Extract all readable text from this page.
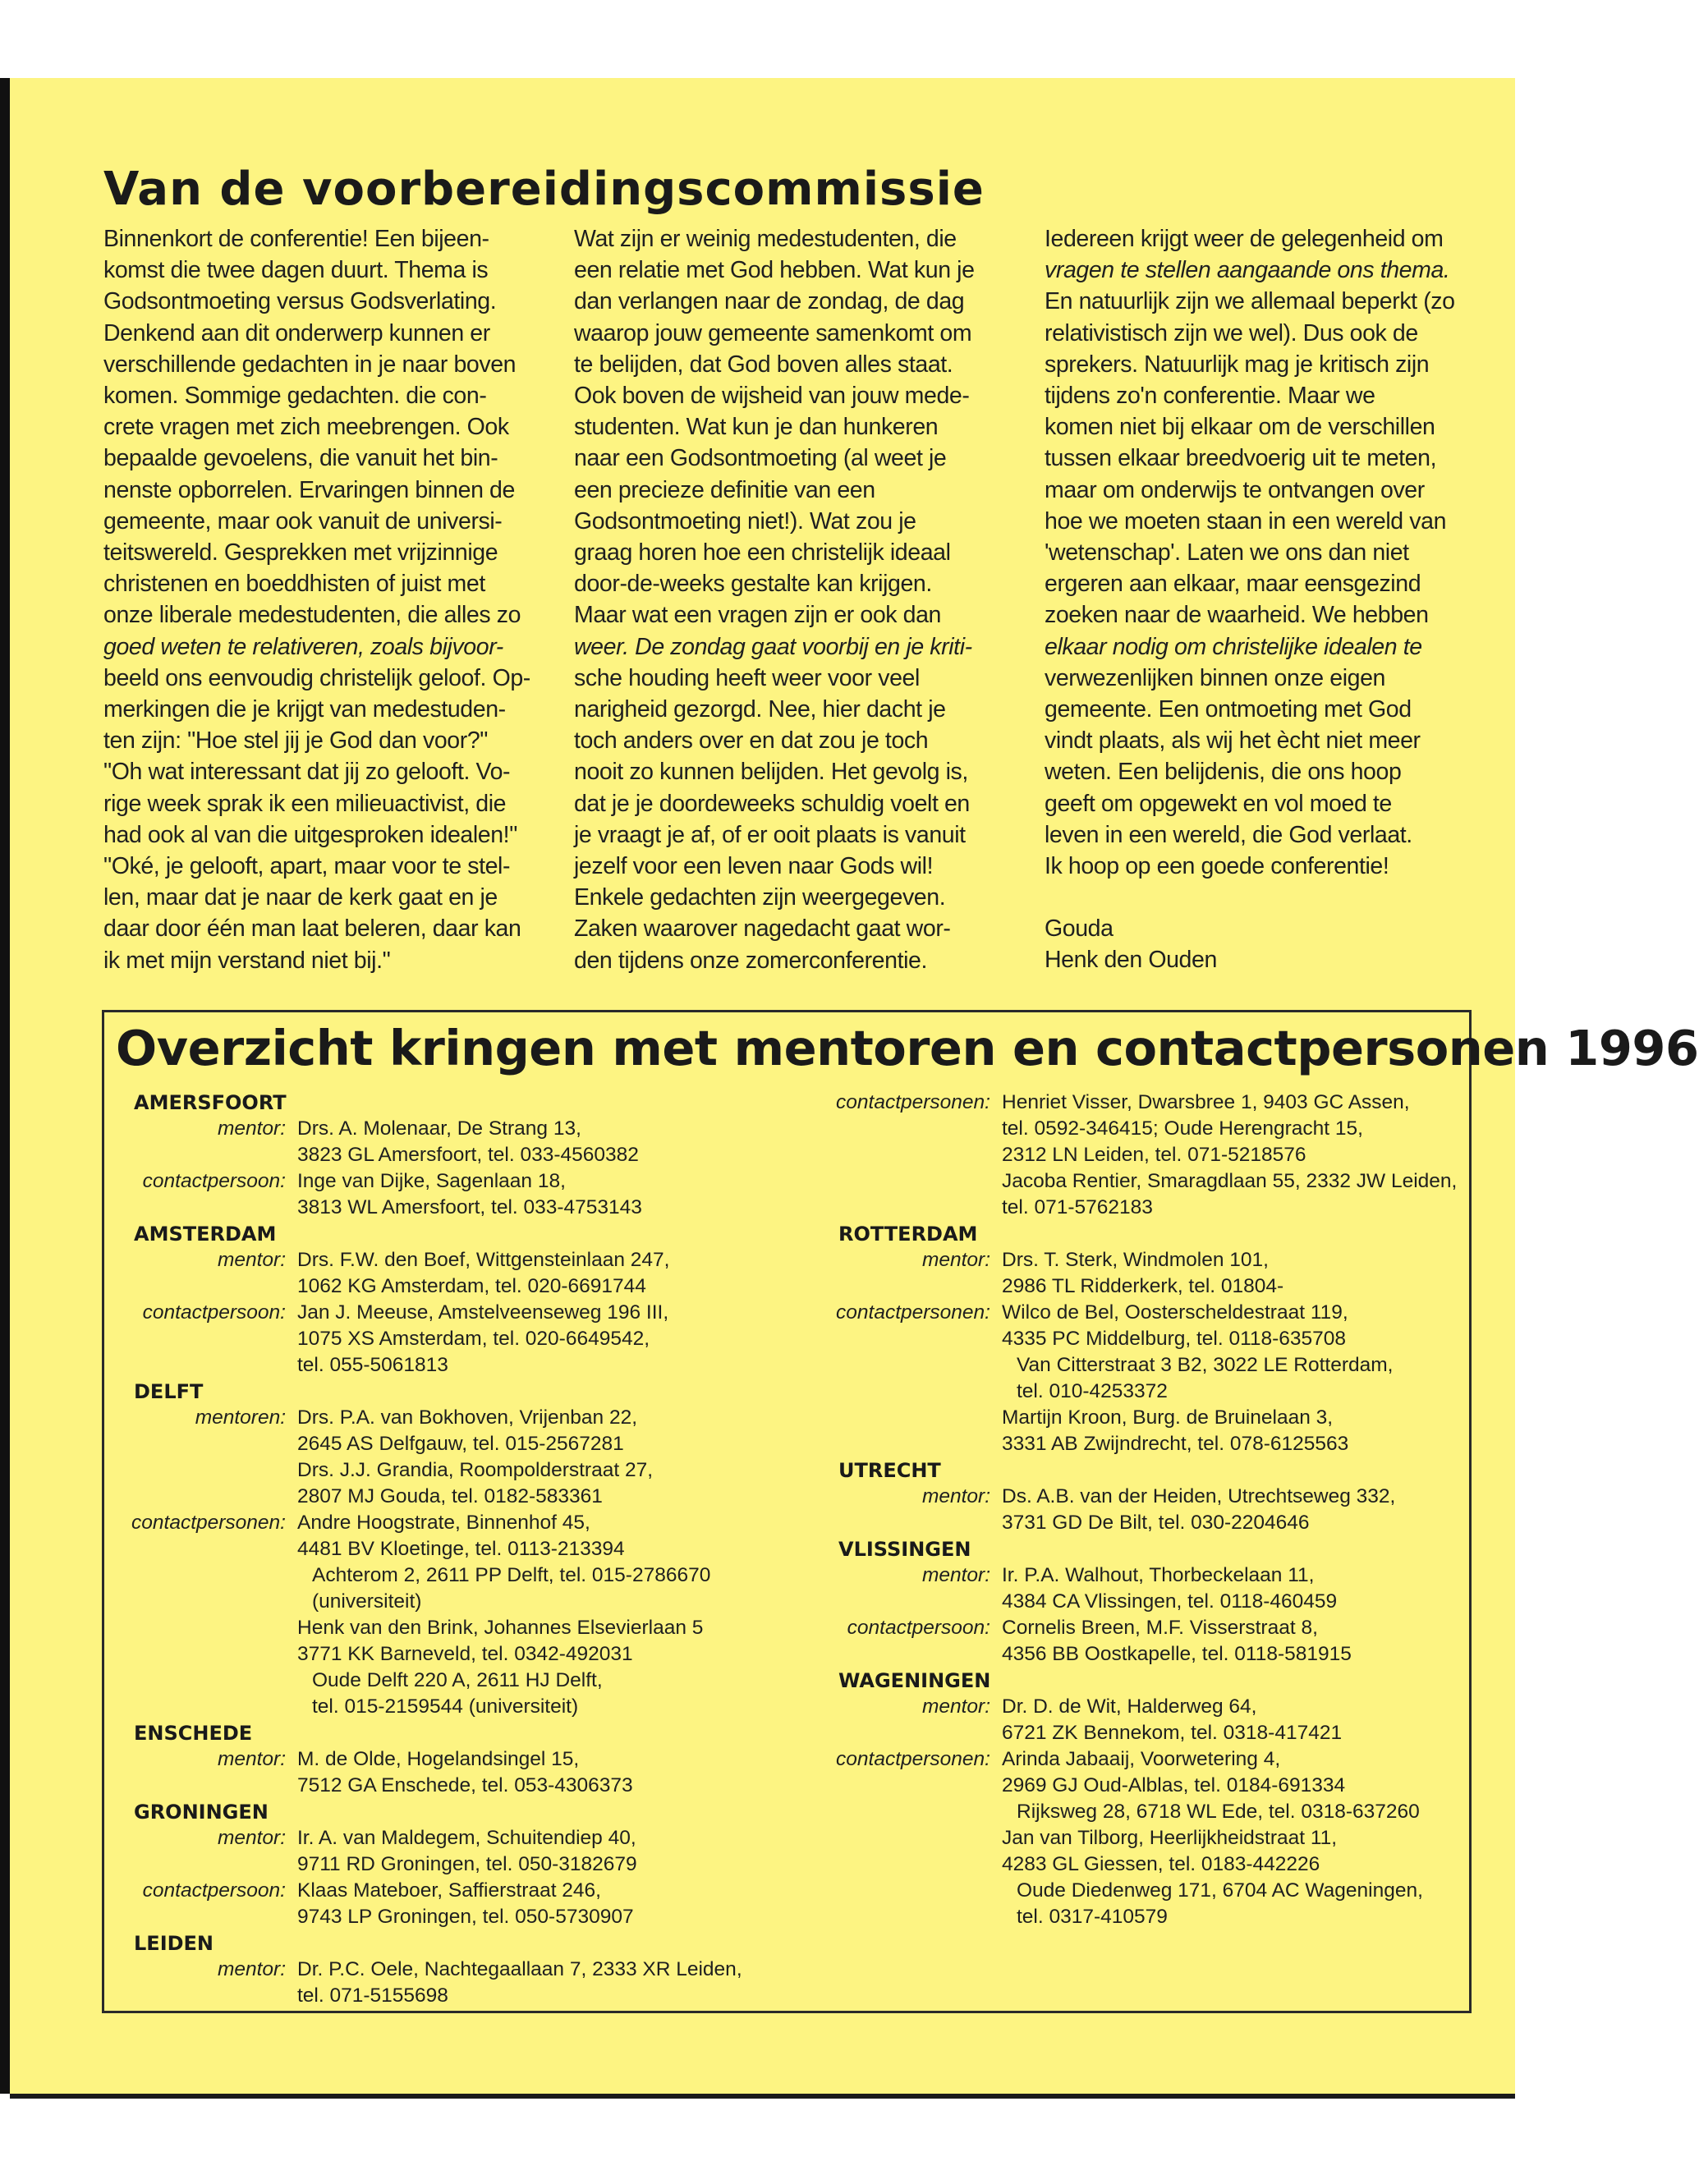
Van de voorbereidingscommissie

Binnenkort de conferentie! Een bijeen-

komst die twee dagen duurt. Thema is

Godsontmoeting versus Godsverlating.

Denkend aan dit onderwerp kunnen er

verschillende gedachten in je naar boven

komen. Sommige gedachten. die con-

crete vragen met zich meebrengen. Ook

bepaalde gevoelens, die vanuit het bin-

nenste opborrelen. Ervaringen binnen de

gemeente, maar ook vanuit de universi-

teitswereld. Gesprekken met vrijzinnige

christenen en boeddhisten of juist met

onze liberale medestudenten, die alles zo

goed weten te relativeren, zoals bijvoor-

beeld ons eenvoudig christelijk geloof. Op-

merkingen die je krijgt van medestuden-

ten zijn: "Hoe stel jij je God dan voor?"

"Oh wat interessant dat jij zo gelooft. Vo-

rige week sprak ik een milieuactivist, die

had ook al van die uitgesproken idealen!"

"Oké, je gelooft, apart, maar voor te stel-

len, maar dat je naar de kerk gaat en je

daar door één man laat beleren, daar kan

ik met mijn verstand niet bij."

Wat zijn er weinig medestudenten, die

een relatie met God hebben. Wat kun je

dan verlangen naar de zondag, de dag

waarop jouw gemeente samenkomt om

te belijden, dat God boven alles staat.

Ook boven de wijsheid van jouw mede-

studenten. Wat kun je dan hunkeren

naar een Godsontmoeting (al weet je

een precieze definitie van een

Godsontmoeting niet!). Wat zou je

graag horen hoe een christelijk ideaal

door-de-weeks gestalte kan krijgen.

Maar wat een vragen zijn er ook dan

weer. De zondag gaat voorbij en je kriti-

sche houding heeft weer voor veel

narigheid gezorgd. Nee, hier dacht je

toch anders over en dat zou je toch

nooit zo kunnen belijden. Het gevolg is,

dat je je doordeweeks schuldig voelt en

je vraagt je af, of er ooit plaats is vanuit

jezelf voor een leven naar Gods wil!

Enkele gedachten zijn weergegeven.

Zaken waarover nagedacht gaat wor-

den tijdens onze zomerconferentie.

Iedereen krijgt weer de gelegenheid om

vragen te stellen aangaande ons thema.

En natuurlijk zijn we allemaal beperkt (zo

relativistisch zijn we wel). Dus ook de

sprekers. Natuurlijk mag je kritisch zijn

tijdens zo'n conferentie. Maar we

komen niet bij elkaar om de verschillen

tussen elkaar breedvoerig uit te meten,

maar om onderwijs te ontvangen over

hoe we moeten staan in een wereld van

'wetenschap'. Laten we ons dan niet

ergeren aan elkaar, maar eensgezind

zoeken naar de waarheid. We hebben

elkaar nodig om christelijke idealen te

verwezenlijken binnen onze eigen

gemeente. Een ontmoeting met God

vindt plaats, als wij het ècht niet meer

weten. Een belijdenis, die ons hoop

geeft om opgewekt en vol moed te

leven in een wereld, die God verlaat.

Ik hoop op een goede conferentie!

Gouda

Henk den Ouden

Overzicht kringen met mentoren en contactpersonen 1996
AMERSFOORT
mentor: Drs. A. Molenaar, De Strang 13,
3823 GL Amersfoort, tel. 033-4560382
contactpersoon: Inge van Dijke, Sagenlaan 18,
3813 WL Amersfoort, tel. 033-4753143
AMSTERDAM
mentor: Drs. F.W. den Boef, Wittgensteinlaan 247,
1062 KG Amsterdam, tel. 020-6691744
contactpersoon: Jan J. Meeuse, Amstelveenseweg 196 III,
1075 XS Amsterdam, tel. 020-6649542,
tel. 055-5061813
DELFT
mentoren: Drs. P.A. van Bokhoven, Vrijenban 22,
2645 AS Delfgauw, tel. 015-2567281
Drs. J.J. Grandia, Roompolderstraat 27,
2807 MJ Gouda, tel. 0182-583361
contactpersonen: Andre Hoogstrate, Binnenhof 45,
4481 BV Kloetinge, tel. 0113-213394
Achterom 2, 2611 PP Delft, tel. 015-2786670
(universiteit)
Henk van den Brink, Johannes Elsevierlaan 5
3771 KK Barneveld, tel. 0342-492031
Oude Delft 220 A, 2611 HJ Delft,
tel. 015-2159544 (universiteit)
ENSCHEDE
mentor: M. de Olde, Hogelandsingel 15,
7512 GA Enschede, tel. 053-4306373
GRONINGEN
mentor: Ir. A. van Maldegem, Schuitendiep 40,
9711 RD Groningen, tel. 050-3182679
contactpersoon: Klaas Mateboer, Saffierstraat 246,
9743 LP Groningen, tel. 050-5730907
LEIDEN
mentor: Dr. P.C. Oele, Nachtegaallaan 7, 2333 XR Leiden,
tel. 071-5155698
contactpersonen: Henriet Visser, Dwarsbree 1, 9403 GC Assen,
tel. 0592-346415; Oude Herengracht 15,
2312 LN Leiden, tel. 071-5218576
Jacoba Rentier, Smaragdlaan 55, 2332 JW Leiden,
tel. 071-5762183
ROTTERDAM
mentor: Drs. T. Sterk, Windmolen 101,
2986 TL Ridderkerk, tel. 01804-
contactpersonen: Wilco de Bel, Oosterscheldestraat 119,
4335 PC Middelburg, tel. 0118-635708
Van Citterstraat 3 B2, 3022 LE Rotterdam,
tel. 010-4253372
Martijn Kroon, Burg. de Bruinelaan 3,
3331 AB Zwijndrecht, tel. 078-6125563
UTRECHT
mentor: Ds. A.B. van der Heiden, Utrechtseweg 332,
3731 GD De Bilt, tel. 030-2204646
VLISSINGEN
mentor: Ir. P.A. Walhout, Thorbeckelaan 11,
4384 CA Vlissingen, tel. 0118-460459
contactpersoon: Cornelis Breen, M.F. Visserstraat 8,
4356 BB Oostkapelle, tel. 0118-581915
WAGENINGEN
mentor: Dr. D. de Wit, Halderweg 64,
6721 ZK Bennekom, tel. 0318-417421
contactpersonen: Arinda Jabaaij, Voorwetering 4,
2969 GJ Oud-Alblas, tel. 0184-691334
Rijksweg 28, 6718 WL Ede, tel. 0318-637260
Jan van Tilborg, Heerlijkheidstraat 11,
4283 GL Giessen, tel. 0183-442226
Oude Diedenweg 171, 6704 AC Wageningen,
tel. 0317-410579
